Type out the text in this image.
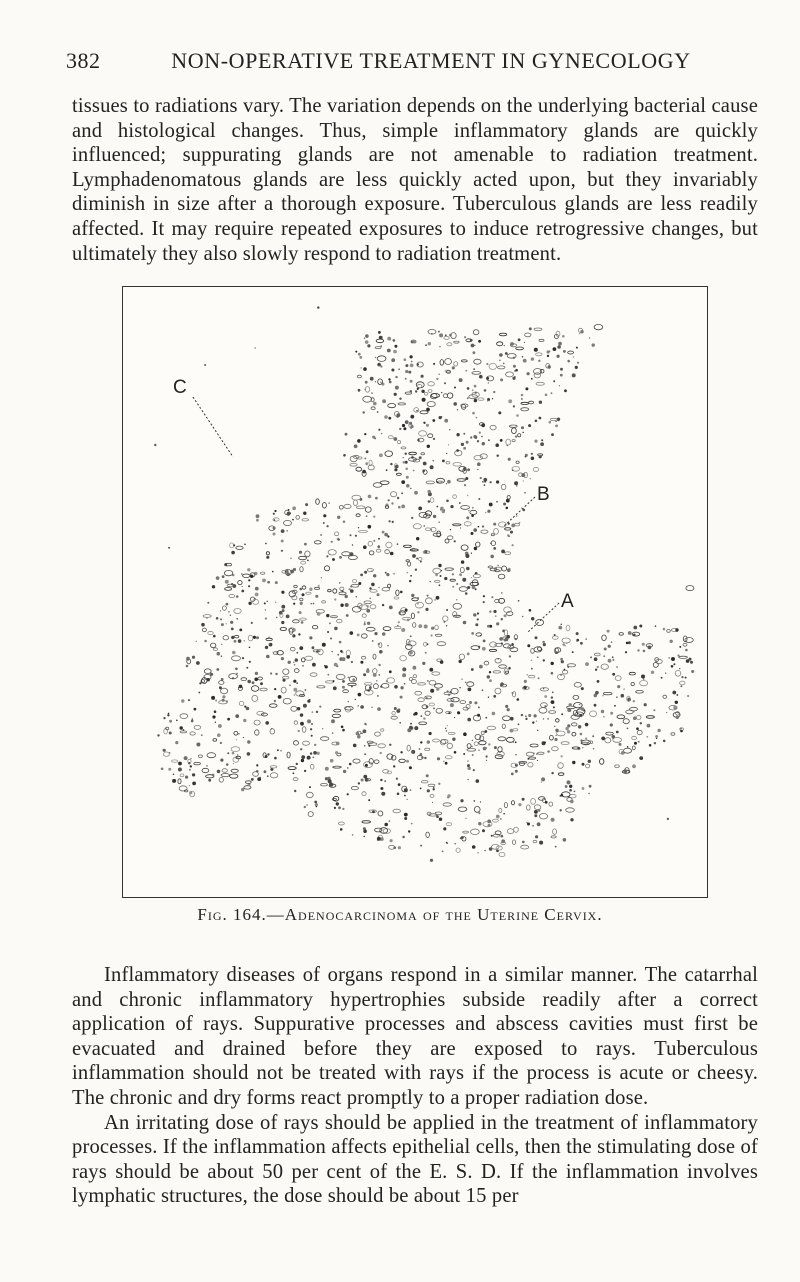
382	NON-OPERATIVE TREATMENT IN GYNECOLOGY

tissues to radiations vary. The variation depends on the underlying bacterial cause and histological changes. Thus, simple inflammatory glands are quickly influenced; suppurating glands are not amenable to radiation treatment. Lymphadenomatous glands are less quickly acted upon, but they invariably diminish in size after a thorough exposure. Tuberculous glands are less readily affected. It may require repeated exposures to induce retrogressive changes, but ultimately they also slowly respond to radiation treatment.

C
B
A
Fig. 164.—Adenocarcinoma of the Uterine Cervix.

Inflammatory diseases of organs respond in a similar manner. The catarrhal and chronic inflammatory hypertrophies subside readily after a correct application of rays. Suppurative processes and abscess cavities must first be evacuated and drained before they are exposed to rays. Tuberculous inflammation should not be treated with rays if the process is acute or cheesy. The chronic and dry forms react promptly to a proper radiation dose.

An irritating dose of rays should be applied in the treatment of inflammatory processes. If the inflammation affects epithelial cells, then the stimulating dose of rays should be about 50 per cent of the E. S. D. If the inflammation involves lymphatic structures, the dose should be about 15 per
